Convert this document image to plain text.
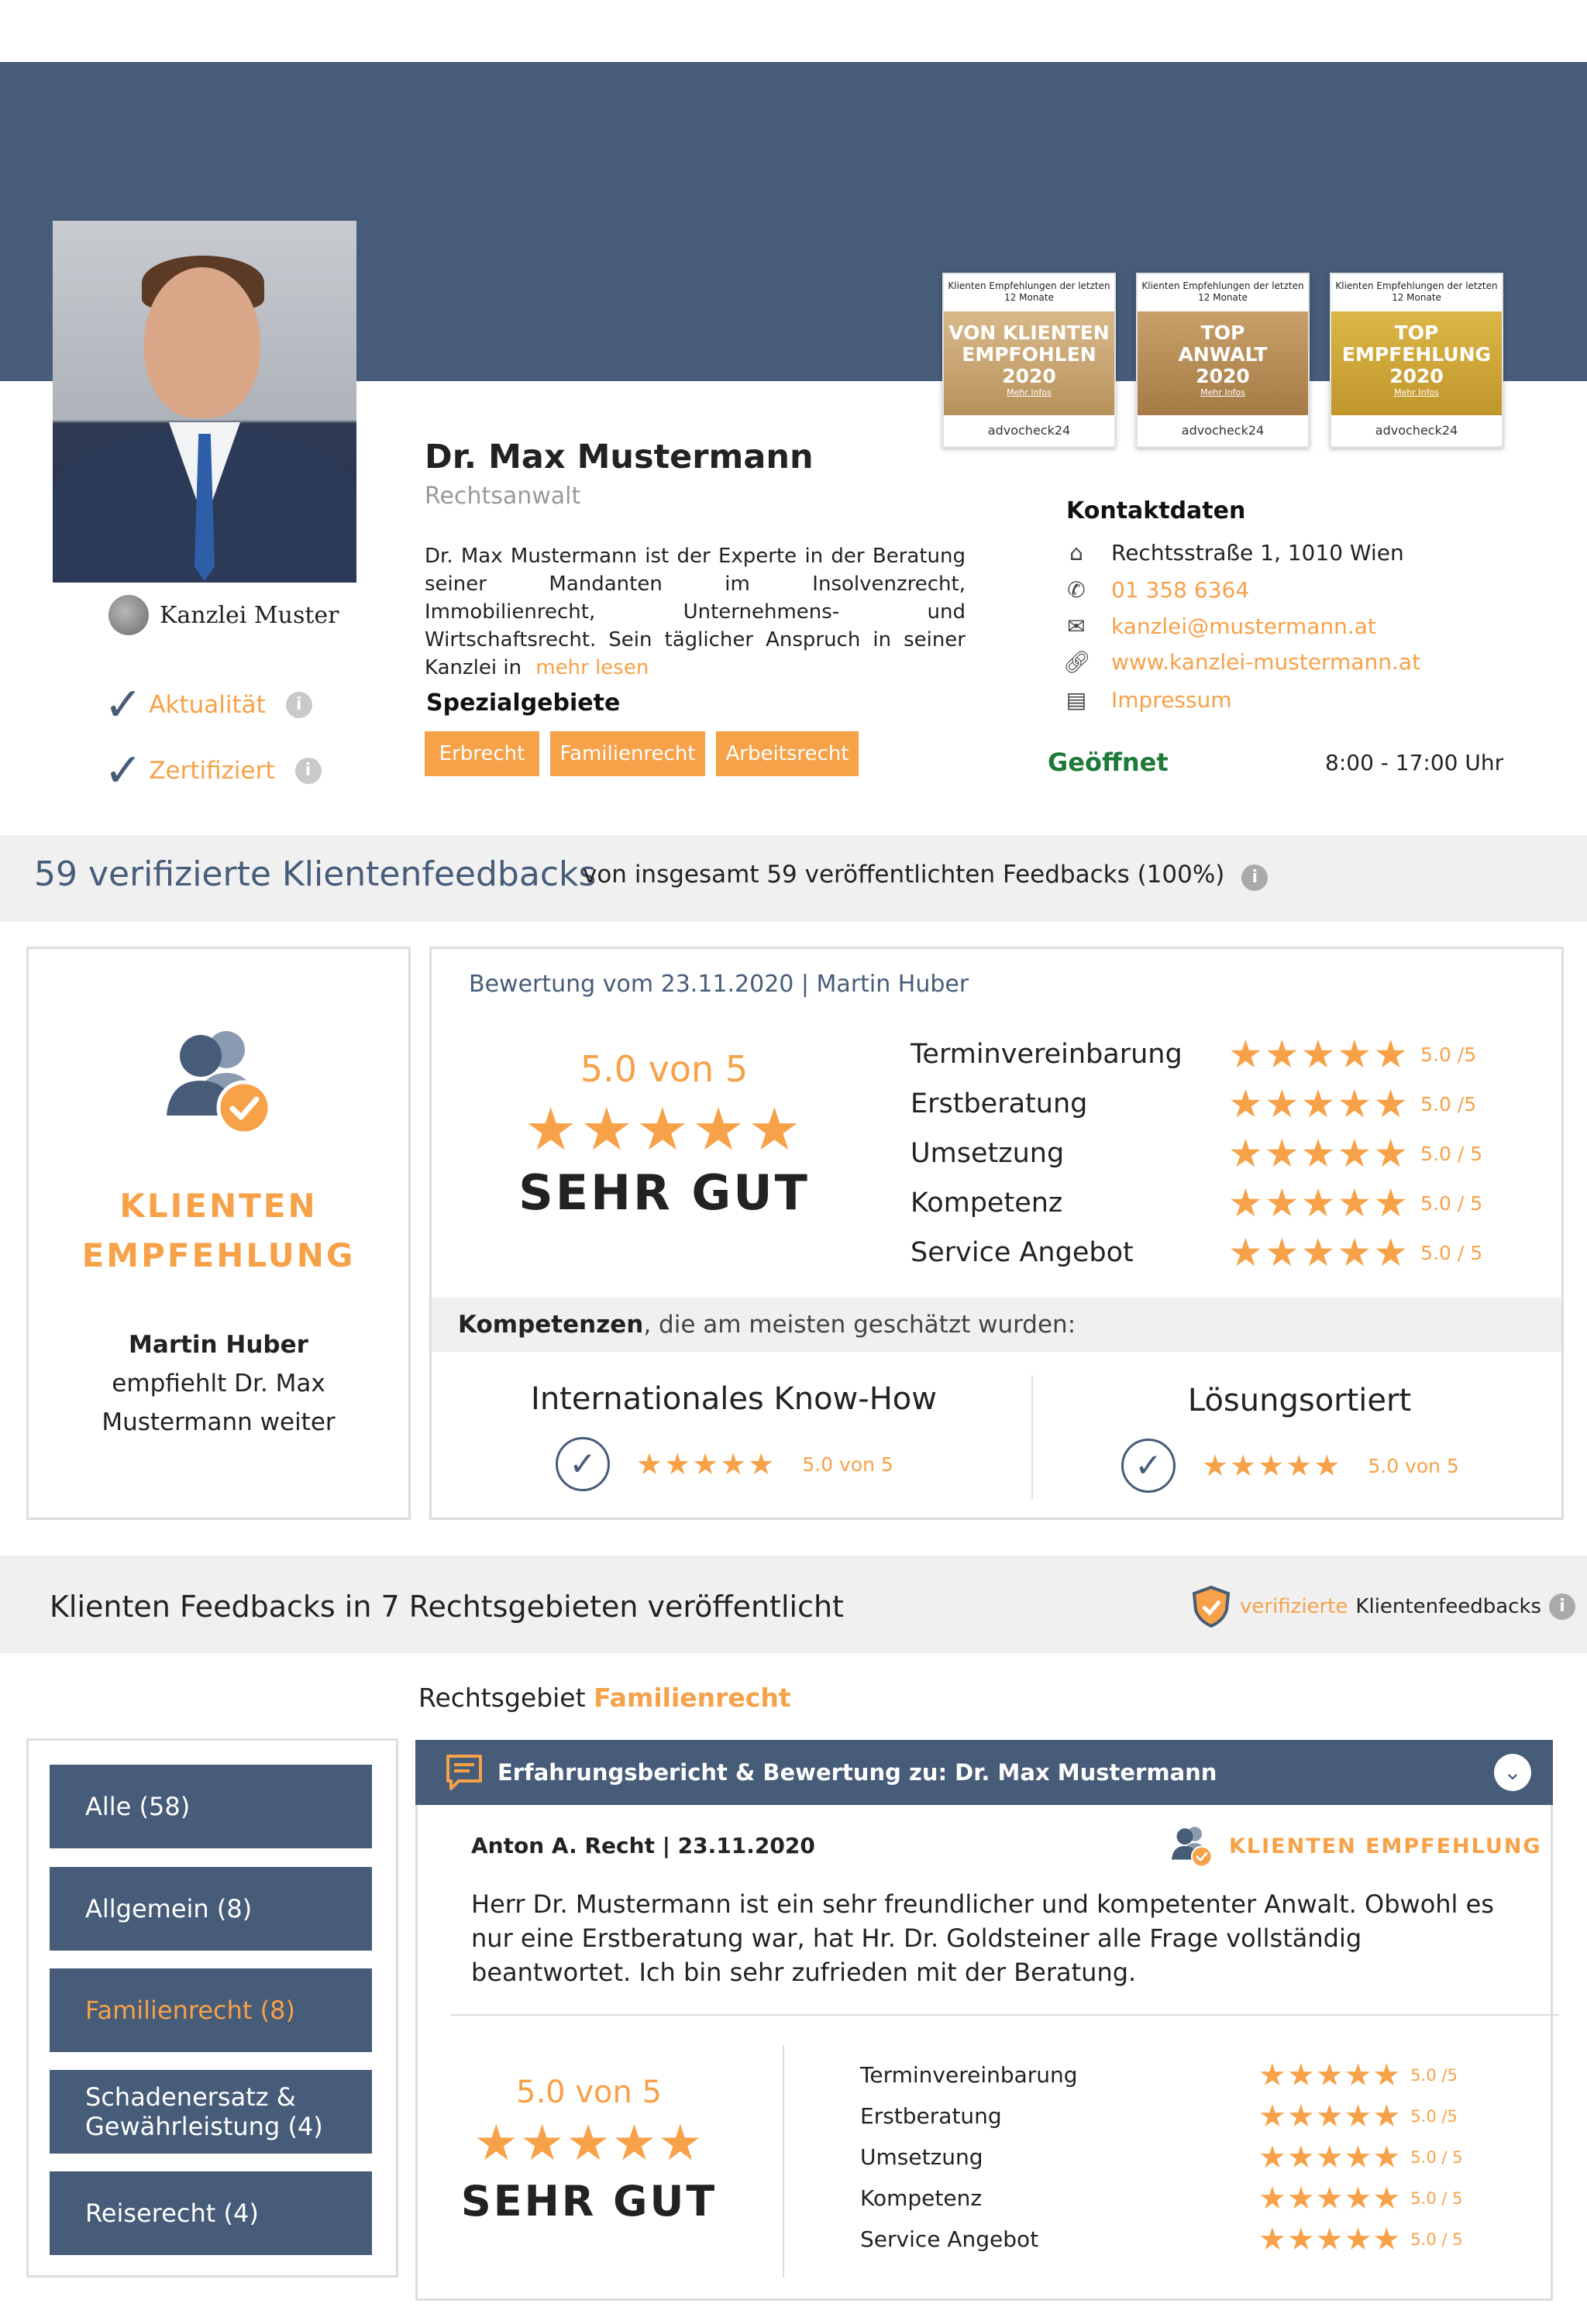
Kanzlei Muster
✓ Aktualität	i
✓ Zertifiziert	i
Dr. Max Mustermann
Rechtsanwalt
Dr. Max Mustermann ist der Experte in der Beratung seiner Mandanten im Insolvenzrecht, Immobilienrecht, Unternehmens- und Wirtschaftsrecht. Sein täglicher Anspruch in seiner Kanzlei in mehr lesen
Spezialgebiete
Erbrecht	Familienrecht	Arbeitsrecht
Klienten Empfehlungen der letzten 12 Monate
VON KLIENTEN
EMPFOHLEN
2020
Mehr Infos
advocheck24
Klienten Empfehlungen der letzten 12 Monate
TOP
ANWALT
2020
Mehr Infos
advocheck24
Klienten Empfehlungen der letzten 12 Monate
TOP
EMPFEHLUNG
2020
Mehr Infos
advocheck24
Kontaktdaten
⌂ Rechtsstraße 1, 1010 Wien
✆ 01 358 6364
✉ kanzlei@mustermann.at
🔗︎ www.kanzlei-mustermann.at
▤ Impressum
Geöffnet	8:00 - 17:00 Uhr
59 verifizierte Klientenfeedbacks
von insgesamt 59 veröffentlichten Feedbacks (100%) i
KLIENTEN
EMPFEHLUNG
Martin Huber
empfiehlt Dr. Max
Mustermann weiter
Bewertung vom 23.11.2020 | Martin Huber
5.0 von 5
★★★★★
SEHR GUT
Terminvereinbarung	★★★★★ 5.0 /5
Erstberatung	★★★★★ 5.0 /5
Umsetzung	★★★★★ 5.0 / 5
Kompetenz	★★★★★ 5.0 / 5
Service Angebot	★★★★★ 5.0 / 5
Kompetenzen, die am meisten geschätzt wurden:
Internationales Know-How
✓	★★★★★ 5.0 von 5
Lösungsortiert
✓	★★★★★ 5.0 von 5
Klienten Feedbacks in 7 Rechtsgebieten veröffentlicht	verifizierte Klientenfeedbacks	i
Rechtsgebiet Familienrecht
Alle (58)
Allgemein (8)
Familienrecht (8)
Schadenersatz &
Gewährleistung (4)
Reiserecht (4)
Erfahrungsbericht & Bewertung zu: Dr. Max Mustermann	⌄
Anton A. Recht | 23.11.2020	KLIENTEN EMPFEHLUNG
Herr Dr. Mustermann ist ein sehr freundlicher und kompetenter Anwalt. Obwohl es nur eine Erstberatung war, hat Hr. Dr. Goldsteiner alle Frage vollständig beantwortet. Ich bin sehr zufrieden mit der Beratung.
5.0 von 5
★★★★★
SEHR GUT
Terminvereinbarung	★★★★★ 5.0 /5
Erstberatung	★★★★★ 5.0 /5
Umsetzung	★★★★★ 5.0 / 5
Kompetenz	★★★★★ 5.0 / 5
Service Angebot	★★★★★ 5.0 / 5
